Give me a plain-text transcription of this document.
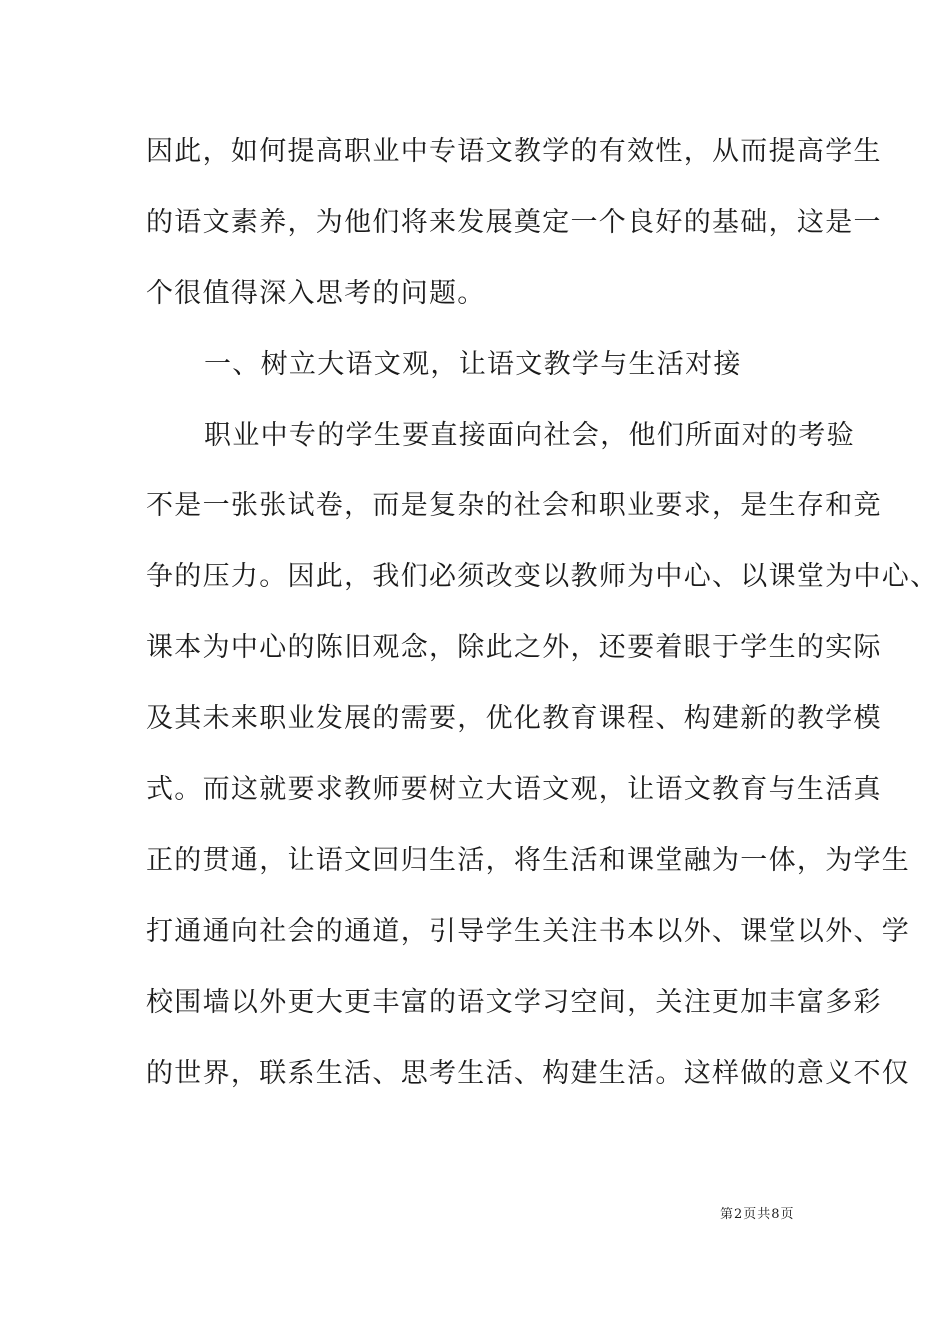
因此，如何提高职业中专语文教学的有效性，从而提高学生
的语文素养，为他们将来发展奠定一个良好的基础，这是一
个很值得深入思考的问题。
一、树立大语文观，让语文教学与生活对接
职业中专的学生要直接面向社会，他们所面对的考验
不是一张张试卷，而是复杂的社会和职业要求，是生存和竞
争的压力。因此，我们必须改变以教师为中心、以课堂为中心、
课本为中心的陈旧观念，除此之外，还要着眼于学生的实际
及其未来职业发展的需要，优化教育课程、构建新的教学模
式。而这就要求教师要树立大语文观，让语文教育与生活真
正的贯通，让语文回归生活，将生活和课堂融为一体，为学生
打通通向社会的通道，引导学生关注书本以外、课堂以外、学
校围墙以外更大更丰富的语文学习空间，关注更加丰富多彩
的世界，联系生活、思考生活、构建生活。这样做的意义不仅
第2页共8页
